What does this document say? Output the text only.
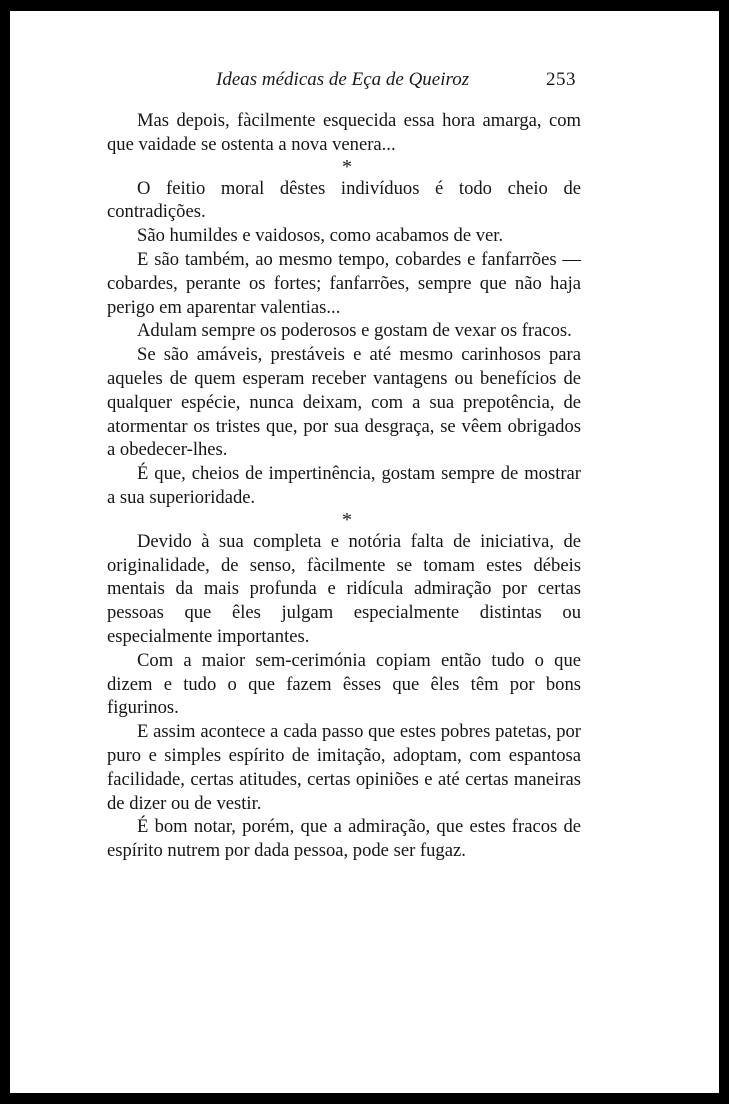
Ideas médicas de Eça de Queiroz	253

Mas depois, fàcilmente esquecida essa hora amarga, com que vaidade se ostenta a nova venera...

*

O feitio moral dêstes indivíduos é todo cheio de contradições.

São humildes e vaidosos, como acabamos de ver.

E são também, ao mesmo tempo, cobardes e fanfarrões — cobardes, perante os fortes; fanfarrões, sempre que não haja perigo em aparentar valentias...

Adulam sempre os poderosos e gostam de vexar os fracos.

Se são amáveis, prestáveis e até mesmo carinhosos para aqueles de quem esperam receber vantagens ou benefícios de qualquer espécie, nunca deixam, com a sua prepotência, de atormentar os tristes que, por sua desgraça, se vêem obrigados a obedecer-lhes.

É que, cheios de impertinência, gostam sempre de mostrar a sua superioridade.

*

Devido à sua completa e notória falta de iniciativa, de originalidade, de senso, fàcilmente se tomam estes débeis mentais da mais profunda e ridícula admiração por certas pessoas que êles julgam especialmente distintas ou especialmente importantes.

Com a maior sem-cerimónia copiam então tudo o que dizem e tudo o que fazem êsses que êles têm por bons figurinos.

E assim acontece a cada passo que estes pobres patetas, por puro e simples espírito de imitação, adoptam, com espantosa facilidade, certas atitudes, certas opiniões e até certas maneiras de dizer ou de vestir.

É bom notar, porém, que a admiração, que estes fracos de espírito nutrem por dada pessoa, pode ser fugaz.
